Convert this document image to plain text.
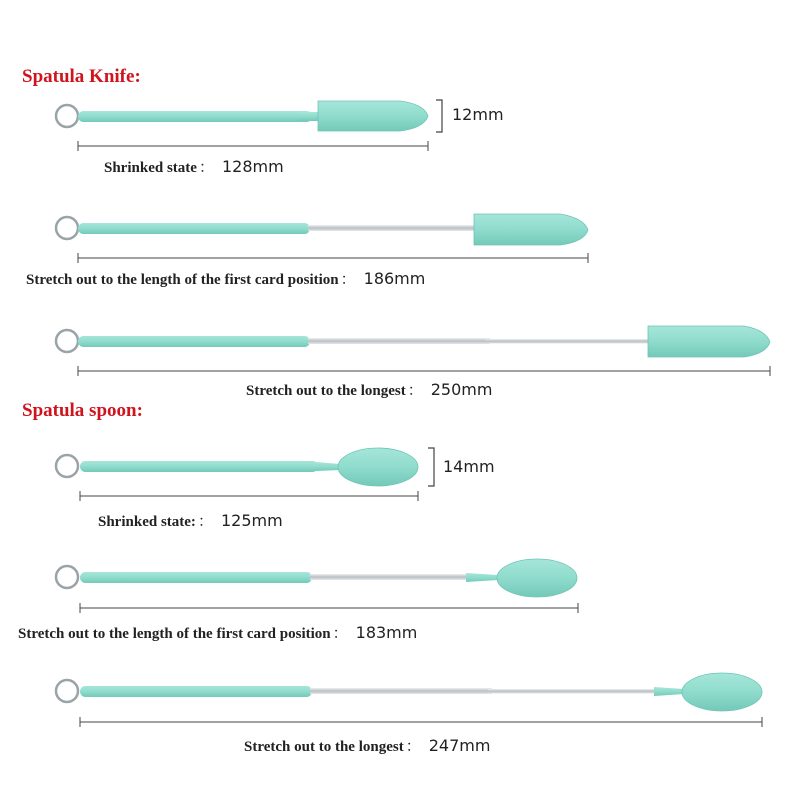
Spatula Knife:
Spatula spoon:
12mm
14mm
Shrinked state ： 128mm
Stretch out to the length of the first card position ： 186mm
Stretch out to the longest ： 250mm
Shrinked state: ： 125mm
Stretch out to the length of the first card position ： 183mm
Stretch out to the longest ： 247mm
